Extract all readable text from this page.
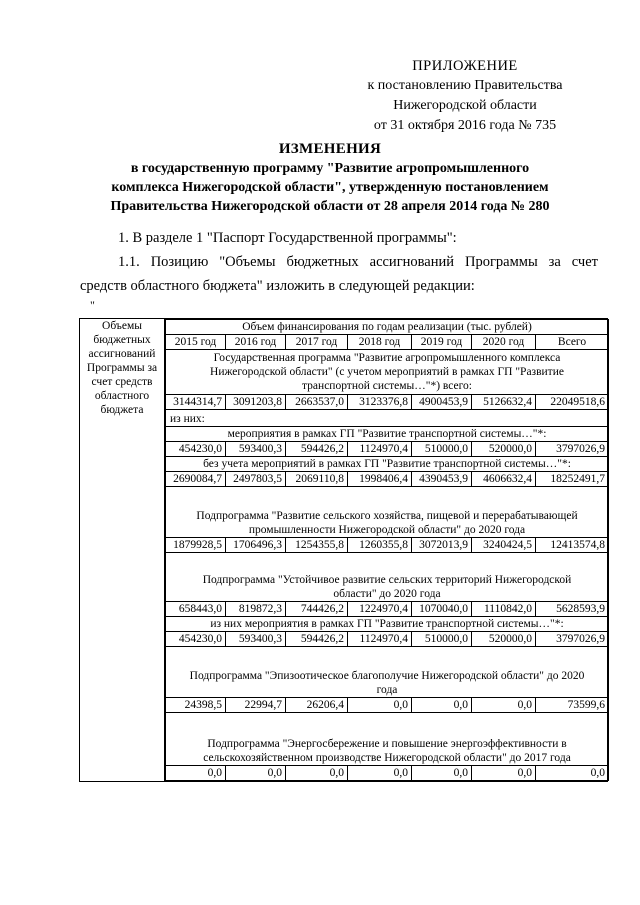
ПРИЛОЖЕНИЕ
к постановлению Правительства
Нижегородской области
от 31 октября 2016 года № 735
ИЗМЕНЕНИЯ
в государственную программу "Развитие агропромышленного
комплекса Нижегородской области", утвержденную постановлением
Правительства Нижегородской области от 28 апреля 2014 года № 280
1. В разделе 1 "Паспорт Государственной программы":
1.1. Позицию "Объемы бюджетных ассигнований Программы за счет
средств областного бюджета" изложить в следующей редакции:
"
Объемы бюджетных ассигнований Программы за счет средств областного бюджета	
Объем финансирования по годам реализации (тыс. рублей)
2015 год	2016 год	2017 год	2018 год	2019 год	2020 год	Всего
Государственная программа "Развитие агропромышленного комплекса Нижегородской области" (с учетом мероприятий в рамках ГП "Развитие транспортной системы…"*) всего:
3144314,7	3091203,8	2663537,0	3123376,8	4900453,9	5126632,4	22049518,6
из них:
мероприятия в рамках ГП "Развитие транспортной системы…"*:
454230,0	593400,3	594426,2	1124970,4	510000,0	520000,0	3797026,9
без учета мероприятий в рамках ГП "Развитие транспортной системы…"*:
2690084,7	2497803,5	2069110,8	1998406,4	4390453,9	4606632,4	18252491,7
Подпрограмма "Развитие сельского хозяйства, пищевой и перерабатывающей промышленности Нижегородской области" до 2020 года
1879928,5	1706496,3	1254355,8	1260355,8	3072013,9	3240424,5	12413574,8
Подпрограмма "Устойчивое развитие сельских территорий Нижегородской области" до 2020 года
658443,0	819872,3	744426,2	1224970,4	1070040,0	1110842,0	5628593,9
из них мероприятия в рамках ГП "Развитие транспортной системы…"*:
454230,0	593400,3	594426,2	1124970,4	510000,0	520000,0	3797026,9
Подпрограмма "Эпизоотическое благополучие Нижегородской области" до 2020 года
24398,5	22994,7	26206,4	0,0	0,0	0,0	73599,6
Подпрограмма "Энергосбережение и повышение энергоэффективности в сельскохозяйственном производстве Нижегородской области" до 2017 года
0,0	0,0	0,0	0,0	0,0	0,0	0,0
